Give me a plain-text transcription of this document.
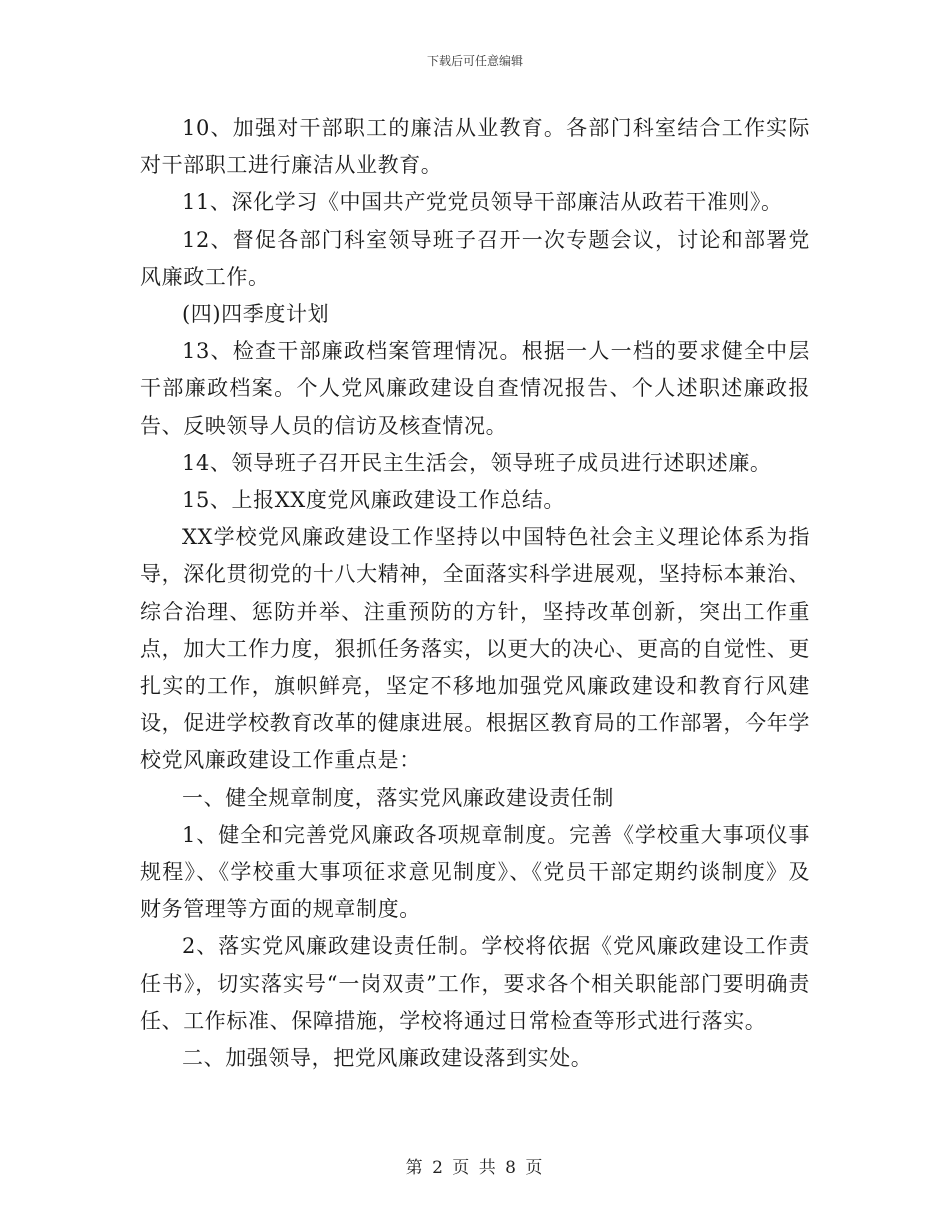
下载后可任意编辑

10、加强对干部职工的廉洁从业教育。各部门科室结合工作实际对干部职工进行廉洁从业教育。

11、深化学习《中国共产党党员领导干部廉洁从政若干准则》。

12、督促各部门科室领导班子召开一次专题会议，讨论和部署党风廉政工作。

(四)四季度计划

13、检查干部廉政档案管理情况。根据一人一档的要求健全中层干部廉政档案。个人党风廉政建设自查情况报告、个人述职述廉政报告、反映领导人员的信访及核查情况。

14、领导班子召开民主生活会，领导班子成员进行述职述廉。

15、上报XX度党风廉政建设工作总结。

XX学校党风廉政建设工作坚持以中国特色社会主义理论体系为指导，深化贯彻党的十八大精神，全面落实科学进展观，坚持标本兼治、综合治理、惩防并举、注重预防的方针，坚持改革创新，突出工作重点，加大工作力度，狠抓任务落实，以更大的决心、更高的自觉性、更扎实的工作，旗帜鲜亮，坚定不移地加强党风廉政建设和教育行风建设，促进学校教育改革的健康进展。根据区教育局的工作部署，今年学校党风廉政建设工作重点是：

一、健全规章制度，落实党风廉政建设责任制

1、健全和完善党风廉政各项规章制度。完善《学校重大事项仪事规程》、《学校重大事项征求意见制度》、《党员干部定期约谈制度》及财务管理等方面的规章制度。

2、落实党风廉政建设责任制。学校将依据《党风廉政建设工作责任书》，切实落实号“一岗双责”工作，要求各个相关职能部门要明确责任、工作标准、保障措施，学校将通过日常检查等形式进行落实。

二、加强领导，把党风廉政建设落到实处。

第 2 页 共 8 页
